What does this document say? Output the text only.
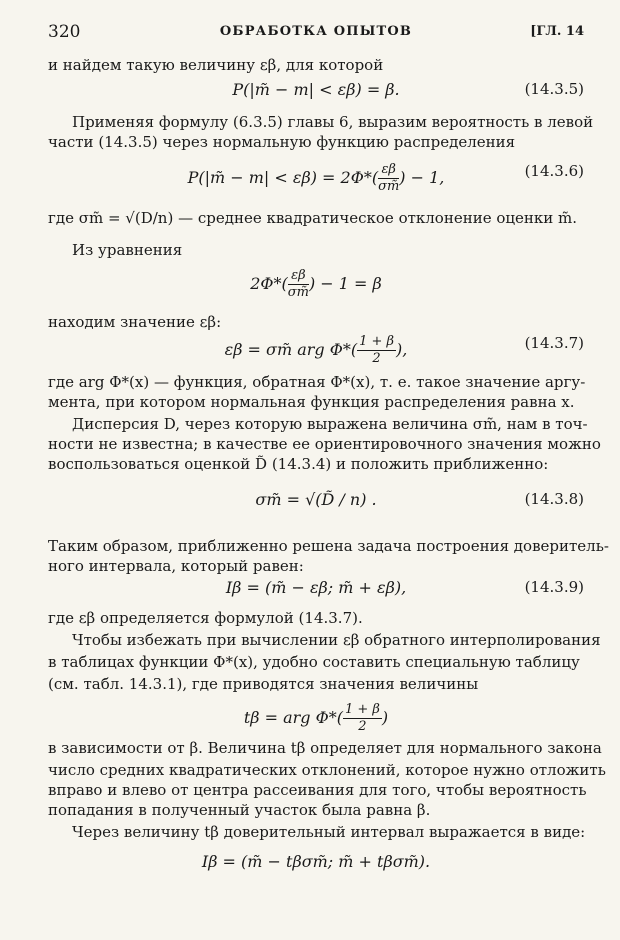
320	ОБРАБОТКА ОПЫТОВ	[ГЛ. 14
и найдем такую величину εβ, для которой
P(|m̃ − m| < εβ) = β.	(14.3.5)
Применяя формулу (6.3.5) главы 6, выразим вероятность в левой
части (14.3.5) через нормальную функцию распределения
P(|m̃ − $m| < \varepsilon\beta) = 2\Phi*( \frac{\varepsilon\beta}{\sigma m̃}$ ) − 1,	(14.3.6)
где σm̃ = √(D/n) — среднее квадратическое отклонение оценки m̃.
Из уравнения
$2\Phi*( \frac{\varepsilon\beta}{\sigma m̃}$ ) − 1 = β
находим значение εβ:
εβ = σm̃ arg $\Phi*( \frac{1 + \beta}{2}$ ),	(14.3.7)
где arg Φ*(x) — функция, обратная Φ*(x), т. е. такое значение аргу-
мента, при котором нормальная функция распределения равна x.
Дисперсия D, через которую выражена величина σm̃, нам в точ-
ности не известна; в качестве ее ориентировочного значения можно
воспользоваться оценкой D̃ (14.3.4) и положить приближенно:
σm̃ = √(D̃ / n) .	(14.3.8)
Таким образом, приближенно решена задача построения доверитель-
ного интервала, который равен:
Iβ = (m̃ − εβ; m̃ + εβ),	(14.3.9)
где εβ определяется формулой (14.3.7).
Чтобы избежать при вычислении εβ обратного интерполирования
в таблицах функции Φ*(x), удобно составить специальную таблицу
(см. табл. 14.3.1), где приводятся значения величины
tβ = arg $\Phi*( \frac{1 + \beta}{2}$ )
в зависимости от β. Величина tβ определяет для нормального закона
число средних квадратических отклонений, которое нужно отложить
вправо и влево от центра рассеивания для того, чтобы вероятность
попадания в полученный участок была равна β.
Через величину tβ доверительный интервал выражается в виде:
Iβ = (m̃ − tβσm̃; m̃ + tβσm̃).
